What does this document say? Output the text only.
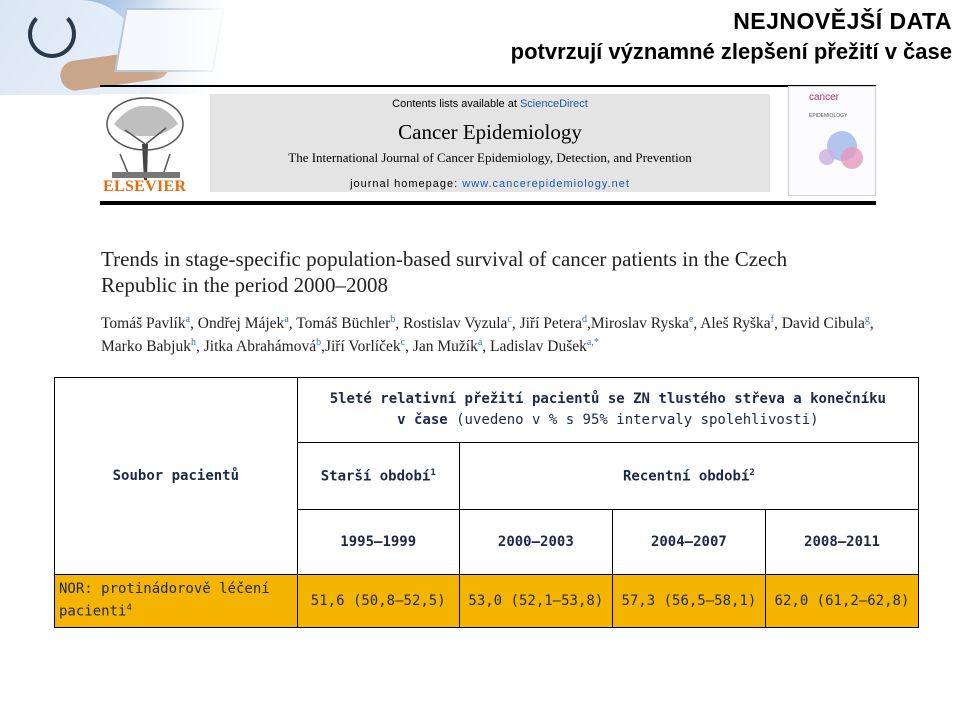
NEJNOVĚJŠÍ DATA
potvrzují významné zlepšení přežití v čase
ELSEVIER
Contents lists available at ScienceDirect
Cancer Epidemiology
The International Journal of Cancer Epidemiology, Detection, and Prevention
journal homepage: www.cancerepidemiology.net
cancer
EPIDEMIOLOGY
Trends in stage-specific population-based survival of cancer patients in the Czech Republic in the period 2000–2008
Tomáš Pavlík$^a$, Ondřej Májek$^a$, Tomáš Büchler$^b$, Rostislav Vyzula$^c$, Jiří Petera$^d$,Miroslav Ryska$^e$, Aleš Ryška$^f$, David Cibula$^g$, Marko Babjuk$^h$, Jitka Abrahámová$^b$,Jiří Vorlíček$^c$, Jan Mužík$^a$, Ladislav Dušek$^{a,*}$
Soubor pacientů	5leté relativní přežití pacientů se ZN tlustého střeva a konečníku
v čase (uvedeno v % s 95% intervaly spolehlivosti)			
	Starší období$^1$	Recentní období$^2$
	1995–1999	2000–2003	2004–2007	2008–2011
NOR: protinádorově léčení pacienti$^4$	51,6 (50,8–52,5)	53,0 (52,1–53,8)	57,3 (56,5–58,1)	62,0 (61,2–62,8)
